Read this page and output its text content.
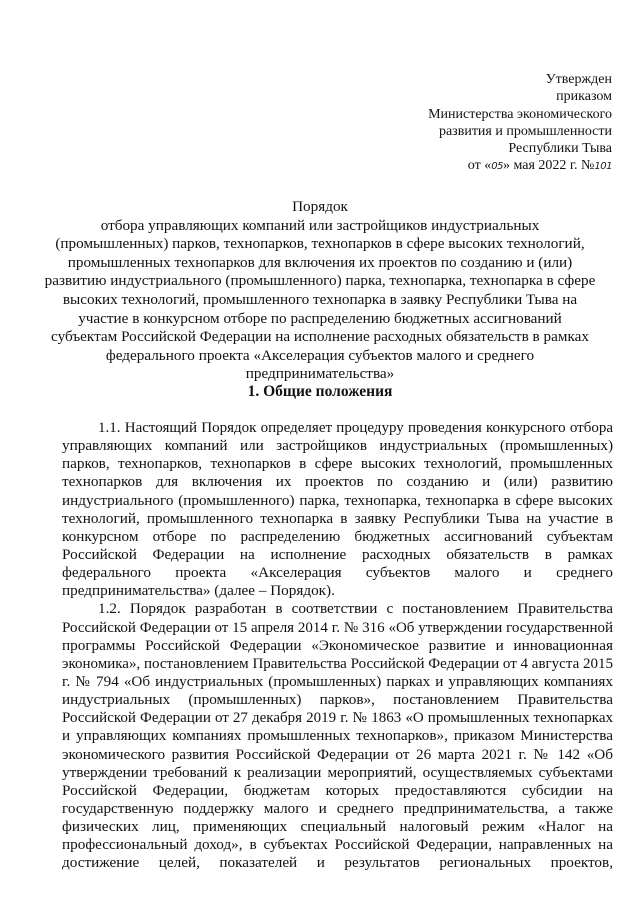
Утвержден
приказом
Министерства экономического
развития и промышленности
Республики Тыва
от «05» мая 2022 г. №101
Порядок
отбора управляющих компаний или застройщиков индустриальных
(промышленных) парков, технопарков, технопарков в сфере высоких технологий,
промышленных технопарков для включения их проектов по созданию и (или)
развитию индустриального (промышленного) парка, технопарка, технопарка в сфере
высоких технологий, промышленного технопарка в заявку Республики Тыва на
участие в конкурсном отборе по распределению бюджетных ассигнований
субъектам Российской Федерации на исполнение расходных обязательств в рамках
федерального проекта «Акселерация субъектов малого и среднего
предпринимательства»
1. Общие положения
1.1. Настоящий Порядок определяет процедуру проведения конкурсного отбора
управляющих компаний или застройщиков индустриальных (промышленных)
парков, технопарков, технопарков в сфере высоких технологий, промышленных
технопарков для включения их проектов по созданию и (или) развитию
индустриального (промышленного) парка, технопарка, технопарка в сфере высоких
технологий, промышленного технопарка в заявку Республики Тыва на участие в
конкурсном отборе по распределению бюджетных ассигнований субъектам
Российской Федерации на исполнение расходных обязательств в рамках
федерального проекта «Акселерация субъектов малого и среднего
предпринимательства» (далее – Порядок).
1.2. Порядок разработан в соответствии с постановлением Правительства
Российской Федерации от 15 апреля 2014 г. № 316 «Об утверждении государственной
программы Российской Федерации «Экономическое развитие и инновационная
экономика», постановлением Правительства Российской Федерации от 4 августа 2015
г. № 794 «Об индустриальных (промышленных) парках и управляющих компаниях
индустриальных (промышленных) парков», постановлением Правительства
Российской Федерации от 27 декабря 2019 г. № 1863 «О промышленных технопарках
и управляющих компаниях промышленных технопарков», приказом Министерства
экономического развития Российской Федерации от 26 марта 2021 г. № 142 «Об
утверждении требований к реализации мероприятий, осуществляемых субъектами
Российской Федерации, бюджетам которых предоставляются субсидии на
государственную поддержку малого и среднего предпринимательства, а также
физических лиц, применяющих специальный налоговый режим «Налог на
профессиональный доход», в субъектах Российской Федерации, направленных на
достижение целей, показателей и результатов региональных проектов,
